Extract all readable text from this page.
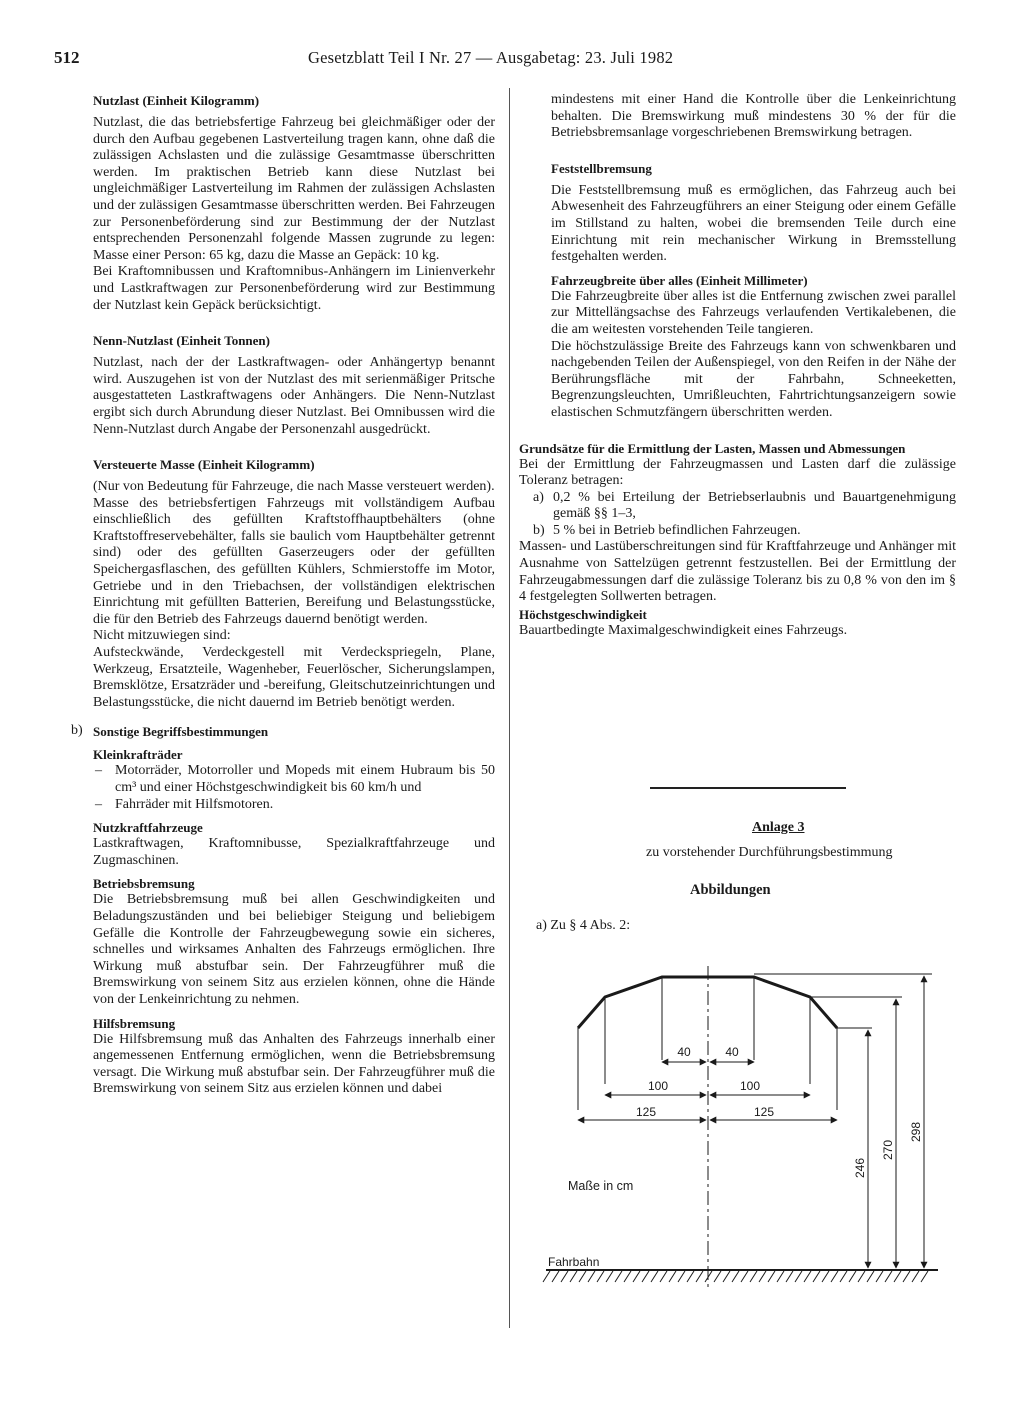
512	Gesetzblatt Teil I Nr. 27 — Ausgabetag: 23. Juli 1982
Nutzlast (Einheit Kilogramm)

Nutzlast, die das betriebsfertige Fahrzeug bei gleichmäßiger oder der durch den Aufbau gegebenen Lastverteilung tragen kann, ohne daß die zulässigen Achslasten und die zulässige Gesamtmasse überschritten werden. Im praktischen Betrieb kann diese Nutzlast bei ungleichmäßiger Lastverteilung im Rahmen der zulässigen Achslasten und der zulässigen Gesamtmasse überschritten werden. Bei Fahrzeugen zur Personenbeförderung sind zur Bestimmung der der Nutzlast entsprechenden Personenzahl folgende Massen zugrunde zu legen: Masse einer Person: 65 kg, dazu die Masse an Gepäck: 10 kg.

Bei Kraftomnibussen und Kraftomnibus-Anhängern im Linienverkehr und Lastkraftwagen zur Personenbeförderung wird zur Bestimmung der Nutzlast kein Gepäck berücksichtigt.

Nenn-Nutzlast (Einheit Tonnen)

Nutzlast, nach der der Lastkraftwagen- oder Anhängertyp benannt wird. Auszugehen ist von der Nutzlast des mit serienmäßiger Pritsche ausgestatteten Lastkraftwagens oder Anhängers. Die Nenn-Nutzlast ergibt sich durch Abrundung dieser Nutzlast. Bei Omnibussen wird die Nenn-Nutzlast durch Angabe der Personenzahl ausgedrückt.

Versteuerte Masse (Einheit Kilogramm)

(Nur von Bedeutung für Fahrzeuge, die nach Masse versteuert werden).

Masse des betriebsfertigen Fahrzeugs mit vollständigem Aufbau einschließlich des gefüllten Kraftstoffhauptbehälters (ohne Kraftstoffreservebehälter, falls sie baulich vom Hauptbehälter getrennt sind) oder des gefüllten Gaserzeugers oder der gefüllten Speichergasflaschen, des gefüllten Kühlers, Schmierstoffe im Motor, Getriebe und in den Triebachsen, der vollständigen elektrischen Einrichtung mit gefüllten Batterien, Bereifung und Belastungsstücke, die für den Betrieb des Fahrzeugs dauernd benötigt werden.

Nicht mitzuwiegen sind:

Aufsteckwände, Verdeckgestell mit Verdeckspriegeln, Plane, Werkzeug, Ersatzteile, Wagenheber, Feuerlöscher, Sicherungslampen, Bremsklötze, Ersatzräder und -bereifung, Gleitschutzeinrichtungen und Belastungsstücke, die nicht dauernd im Betrieb benötigt werden.

b) Sonstige Begriffsbestimmungen
Kleinkrafträder
– Motorräder, Motorroller und Mopeds mit einem Hubraum bis 50 cm³ und einer Höchstgeschwindigkeit bis 60 km/h und
– Fahrräder mit Hilfsmotoren.
Nutzkraftfahrzeuge

Lastkraftwagen, Kraftomnibusse, Spezialkraftfahrzeuge und Zugmaschinen.

Betriebsbremsung

Die Betriebsbremsung muß bei allen Geschwindigkeiten und Beladungszuständen und bei beliebiger Steigung und beliebigem Gefälle die Kontrolle der Fahrzeugbewegung sowie ein sicheres, schnelles und wirksames Anhalten des Fahrzeugs ermöglichen. Ihre Wirkung muß abstufbar sein. Der Fahrzeugführer muß die Bremswirkung von seinem Sitz aus erzielen können, ohne die Hände von der Lenkeinrichtung zu nehmen.

Hilfsbremsung

Die Hilfsbremsung muß das Anhalten des Fahrzeugs innerhalb einer angemessenen Entfernung ermöglichen, wenn die Betriebsbremsung versagt. Die Wirkung muß abstufbar sein. Der Fahrzeugführer muß die Bremswirkung von seinem Sitz aus erzielen können und dabei

mindestens mit einer Hand die Kontrolle über die Lenkeinrichtung behalten. Die Bremswirkung muß mindestens 30 % der für die Betriebsbremsanlage vorgeschriebenen Bremswirkung betragen.

Feststellbremsung

Die Feststellbremsung muß es ermöglichen, das Fahrzeug auch bei Abwesenheit des Fahrzeugführers an einer Steigung oder einem Gefälle im Stillstand zu halten, wobei die bremsenden Teile durch eine Einrichtung mit rein mechanischer Wirkung in Bremsstellung festgehalten werden.

Fahrzeugbreite über alles (Einheit Millimeter)

Die Fahrzeugbreite über alles ist die Entfernung zwischen zwei parallel zur Mittellängsachse des Fahrzeugs verlaufenden Vertikalebenen, die die am weitesten vorstehenden Teile tangieren.

Die höchstzulässige Breite des Fahrzeugs kann von schwenkbaren und nachgebenden Teilen der Außenspiegel, von den Reifen in der Nähe der Berührungsfläche mit der Fahrbahn, Schneeketten, Begrenzungsleuchten, Umrißleuchten, Fahrtrichtungsanzeigern sowie elastischen Schmutzfängern überschritten werden.

Grundsätze für die Ermittlung der Lasten, Massen und Abmessungen

Bei der Ermittlung der Fahrzeugmassen und Lasten darf die zulässige Toleranz betragen:

a) 0,2 % bei Erteilung der Betriebserlaubnis und Bauartgenehmigung gemäß §§ 1–3,
b) 5 % bei in Betrieb befindlichen Fahrzeugen.

Massen- und Lastüberschreitungen sind für Kraftfahrzeuge und Anhänger mit Ausnahme von Sattelzügen getrennt festzustellen. Bei der Ermittlung der Fahrzeugabmessungen darf die zulässige Toleranz bis zu 0,8 % von den im § 4 festgelegten Sollwerten betragen.

Höchstgeschwindigkeit

Bauartbedingte Maximalgeschwindigkeit eines Fahrzeugs.

Anlage 3
zu vorstehender Durchführungsbestimmung
Abbildungen
a) Zu § 4 Abs. 2:
40	40
100	100
125	125
246
270
298
Maße in cm
Fahrbahn
